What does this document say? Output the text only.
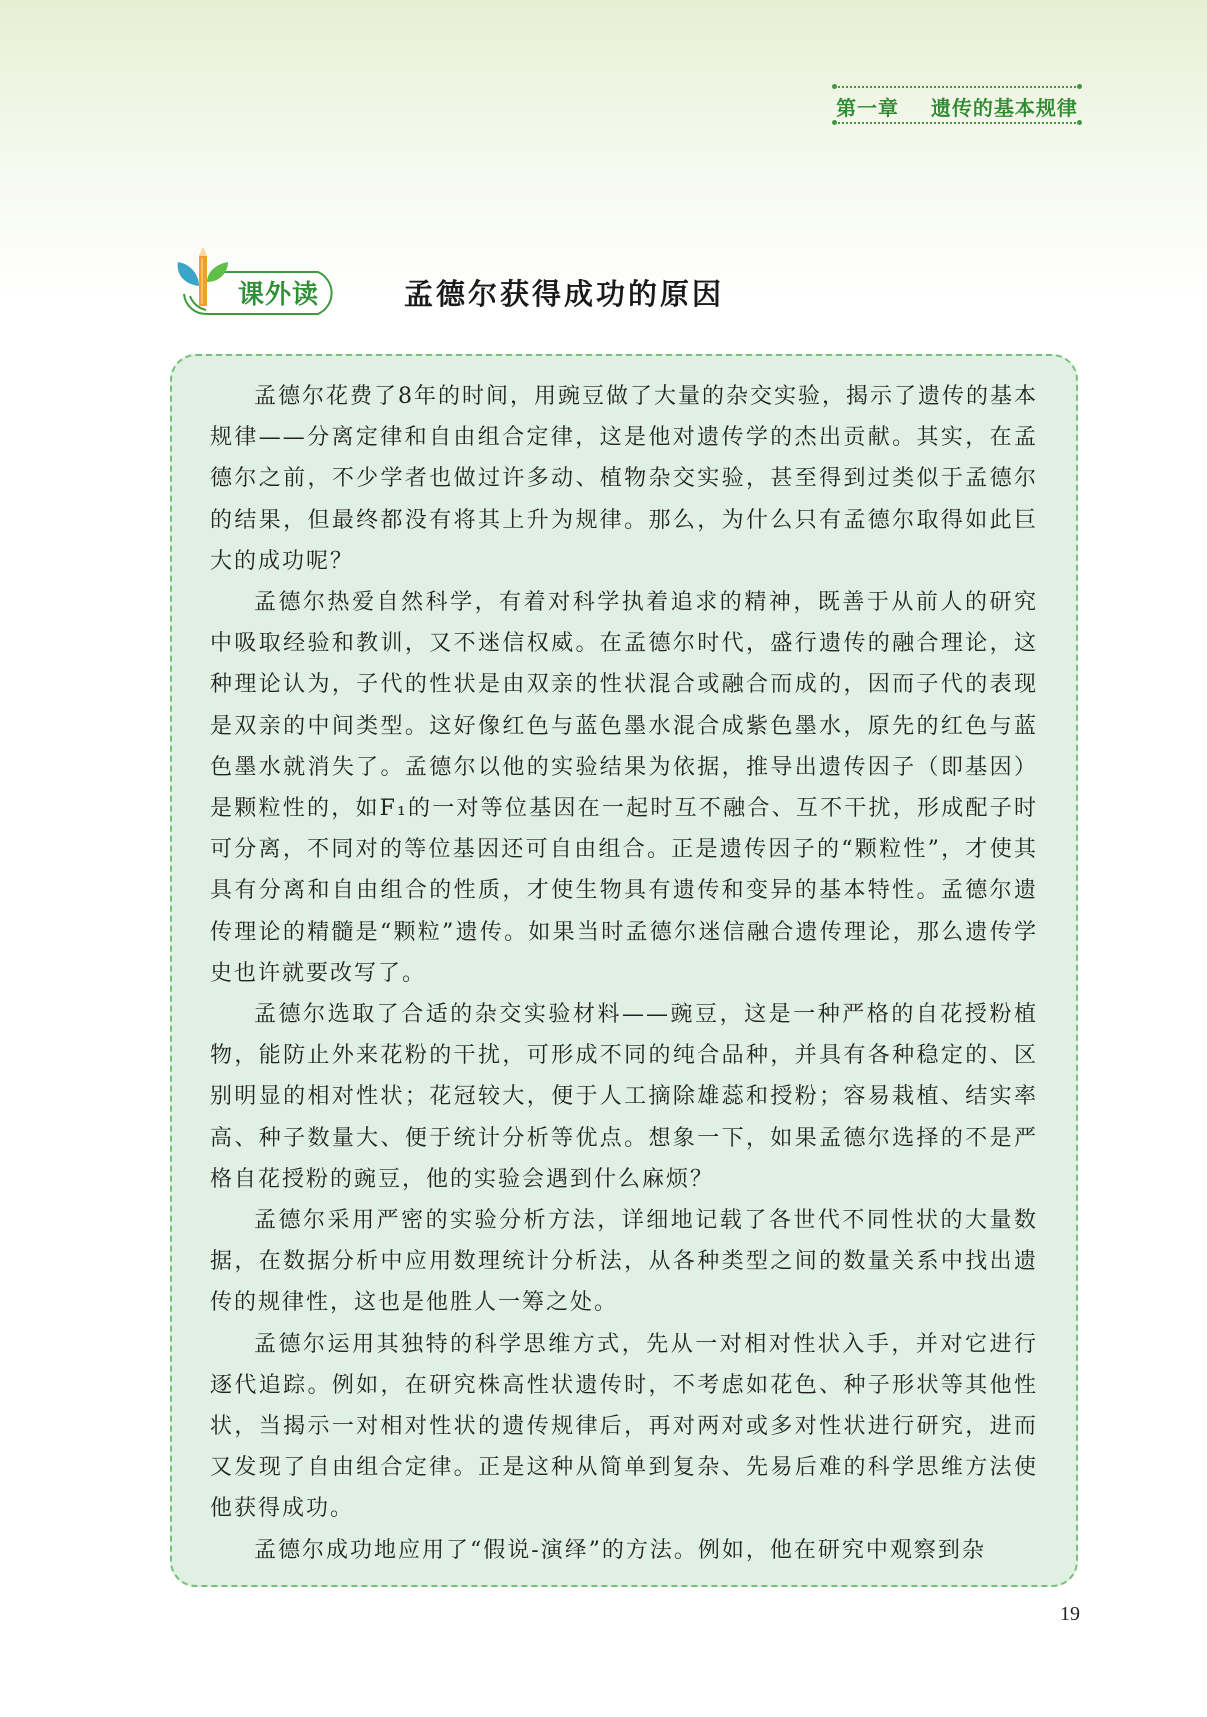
第一章 遗传的基本规律
课外读	孟德尔获得成功的原因

孟德尔花费了8年的时间，用豌豆做了大量的杂交实验，揭示了遗传的基本规律——分离定律和自由组合定律，这是他对遗传学的杰出贡献。其实，在孟德尔之前，不少学者也做过许多动、植物杂交实验，甚至得到过类似于孟德尔的结果，但最终都没有将其上升为规律。那么，为什么只有孟德尔取得如此巨大的成功呢？

孟德尔热爱自然科学，有着对科学执着追求的精神，既善于从前人的研究中吸取经验和教训，又不迷信权威。在孟德尔时代，盛行遗传的融合理论，这种理论认为，子代的性状是由双亲的性状混合或融合而成的，因而子代的表现是双亲的中间类型。这好像红色与蓝色墨水混合成紫色墨水，原先的红色与蓝色墨水就消失了。孟德尔以他的实验结果为依据，推导出遗传因子（即基因）是颗粒性的，如F₁的一对等位基因在一起时互不融合、互不干扰，形成配子时可分离，不同对的等位基因还可自由组合。正是遗传因子的“颗粒性”，才使其具有分离和自由组合的性质，才使生物具有遗传和变异的基本特性。孟德尔遗传理论的精髓是“颗粒”遗传。如果当时孟德尔迷信融合遗传理论，那么遗传学史也许就要改写了。

孟德尔选取了合适的杂交实验材料——豌豆，这是一种严格的自花授粉植物，能防止外来花粉的干扰，可形成不同的纯合品种，并具有各种稳定的、区别明显的相对性状；花冠较大，便于人工摘除雄蕊和授粉；容易栽植、结实率高、种子数量大、便于统计分析等优点。想象一下，如果孟德尔选择的不是严格自花授粉的豌豆，他的实验会遇到什么麻烦？

孟德尔采用严密的实验分析方法，详细地记载了各世代不同性状的大量数据，在数据分析中应用数理统计分析法，从各种类型之间的数量关系中找出遗传的规律性，这也是他胜人一筹之处。

孟德尔运用其独特的科学思维方式，先从一对相对性状入手，并对它进行逐代追踪。例如，在研究株高性状遗传时，不考虑如花色、种子形状等其他性状，当揭示一对相对性状的遗传规律后，再对两对或多对性状进行研究，进而又发现了自由组合定律。正是这种从简单到复杂、先易后难的科学思维方法使他获得成功。

孟德尔成功地应用了“假说-演绎”的方法。例如，他在研究中观察到杂

19
